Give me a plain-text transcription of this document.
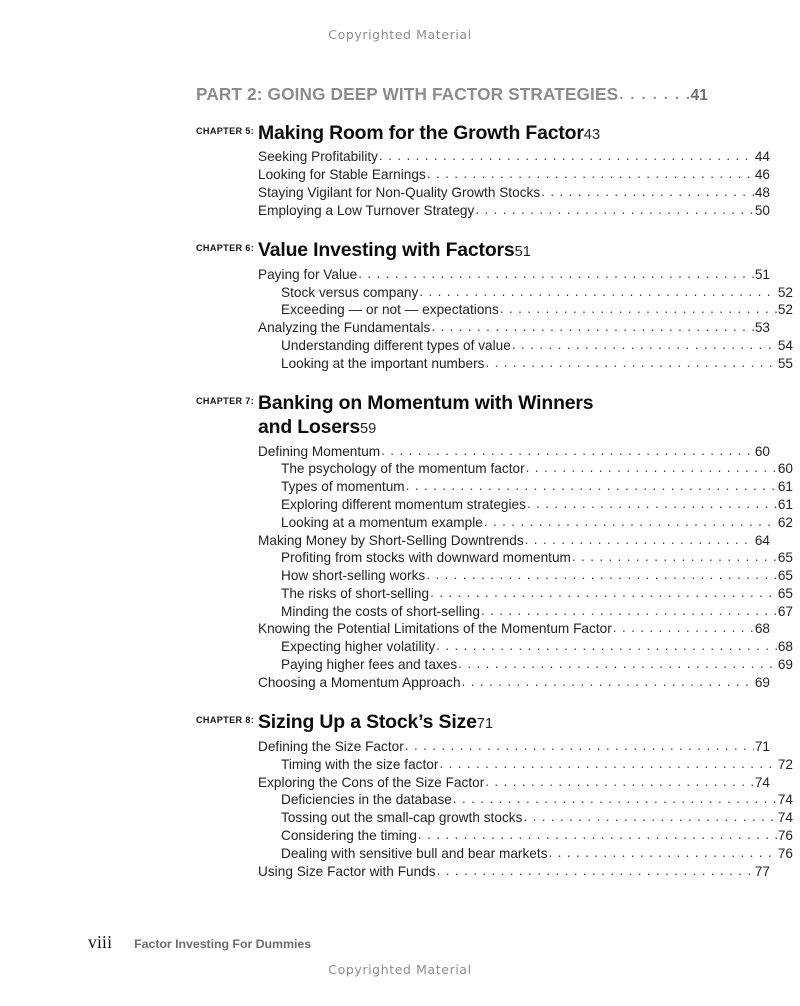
Copyrighted Material
PART 2: GOING DEEP WITH FACTOR STRATEGIES . . .	41
CHAPTER 5: Making Room for the Growth Factor 43
Seeking Profitability . . .	44
Looking for Stable Earnings . . .	46
Staying Vigilant for Non-Quality Growth Stocks . . .	48
Employing a Low Turnover Strategy . . .	50
CHAPTER 6: Value Investing with Factors 51
Paying for Value . . .	51
Stock versus company . . .	52
Exceeding — or not — expectations . . .	52
Analyzing the Fundamentals . . .	53
Understanding different types of value . . .	54
Looking at the important numbers . . .	55
CHAPTER 7: Banking on Momentum with Winners
and Losers 59
Defining Momentum . . .	60
The psychology of the momentum factor . . .	60
Types of momentum . . .	61
Exploring different momentum strategies . . .	61
Looking at a momentum example . . .	62
Making Money by Short-Selling Downtrends . . .	64
Profiting from stocks with downward momentum . . .	65
How short-selling works . . .	65
The risks of short-selling . . .	65
Minding the costs of short-selling . . .	67
Knowing the Potential Limitations of the Momentum Factor . . .	68
Expecting higher volatility . . .	68
Paying higher fees and taxes . . .	69
Choosing a Momentum Approach . . .	69
CHAPTER 8: Sizing Up a Stock’s Size 71
Defining the Size Factor . . .	71
Timing with the size factor . . .	72
Exploring the Cons of the Size Factor . . .	74
Deficiencies in the database . . .	74
Tossing out the small-cap growth stocks . . .	74
Considering the timing . . .	76
Dealing with sensitive bull and bear markets . . .	76
Using Size Factor with Funds . . .	77
viii Factor Investing For Dummies
Copyrighted Material
